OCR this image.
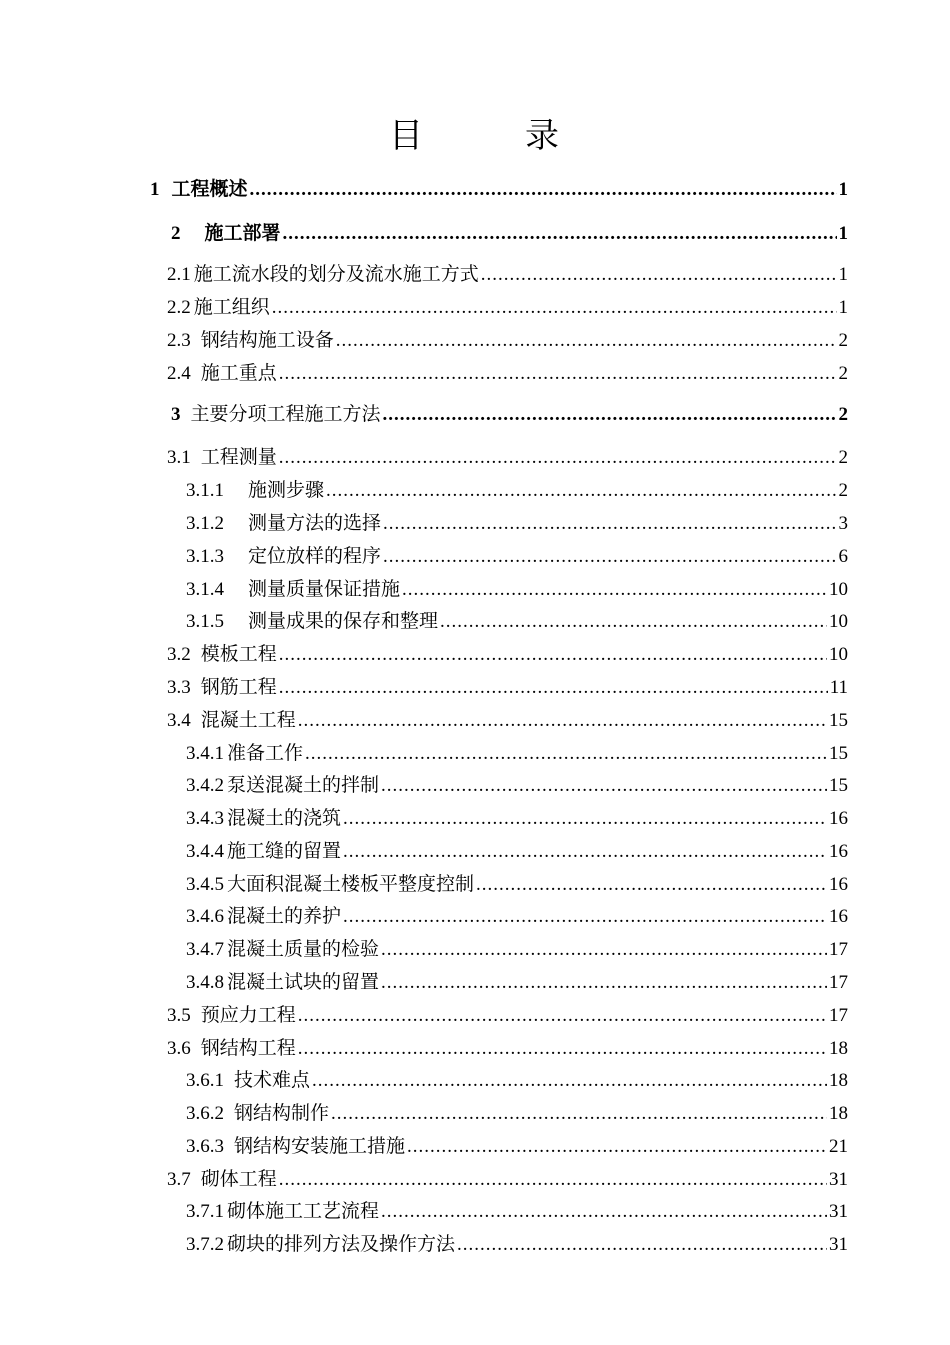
目	录
1 工程概述 .....	1
2 施工部署 .....	1
2.1 施工流水段的划分及流水施工方式 .....	1
2.2 施工组织 .....	1
2.3 钢结构施工设备 .....	2
2.4 施工重点 .....	2
3 主要分项工程施工方法 .....	2
3.1 工程测量 .....	2
3.1.1 施测步骤 .....	2
3.1.2 测量方法的选择 .....	3
3.1.3 定位放样的程序 .....	6
3.1.4 测量质量保证措施 .....	10
3.1.5 测量成果的保存和整理 .....	10
3.2 模板工程 .....	10
3.3 钢筋工程 .....	11
3.4 混凝土工程 .....	15
3.4.1 准备工作 .....	15
3.4.2 泵送混凝土的拌制 .....	15
3.4.3 混凝土的浇筑 .....	16
3.4.4 施工缝的留置 .....	16
3.4.5 大面积混凝土楼板平整度控制 .....	16
3.4.6 混凝土的养护 .....	16
3.4.7 混凝土质量的检验 .....	17
3.4.8 混凝土试块的留置 .....	17
3.5 预应力工程 .....	17
3.6 钢结构工程 .....	18
3.6.1 技术难点 .....	18
3.6.2 钢结构制作 .....	18
3.6.3 钢结构安装施工措施 .....	21
3.7 砌体工程 .....	31
3.7.1 砌体施工工艺流程 .....	31
3.7.2 砌块的排列方法及操作方法 .....	31
